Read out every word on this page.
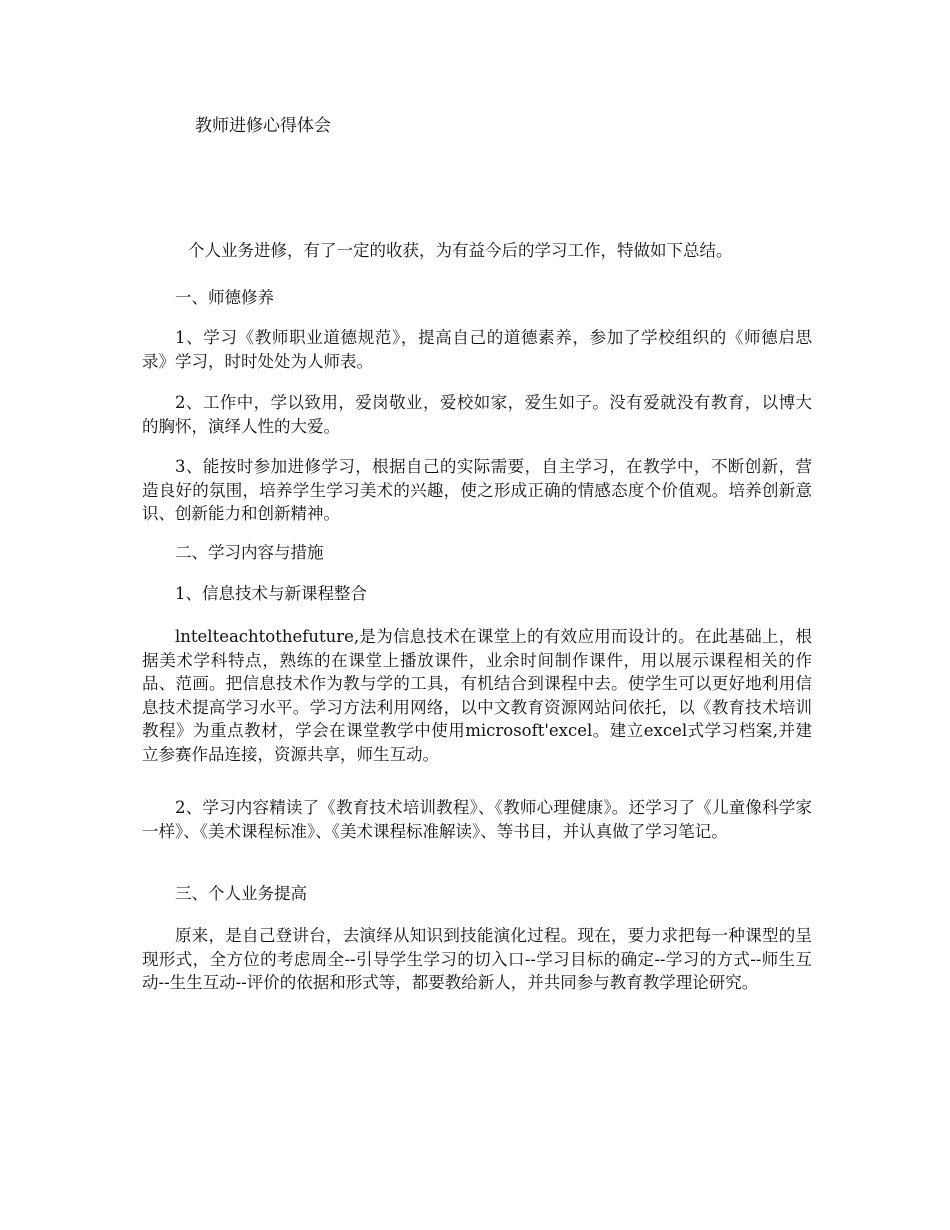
教师进修心得体会

个人业务进修，有了一定的收获，为有益今后的学习工作，特做如下总结。

一、师德修养

1、学习《教师职业道德规范》，提高自己的道德素养，参加了学校组织的《师德启思录》学习，时时处处为人师表。

2、工作中，学以致用，爱岗敬业，爱校如家，爱生如子。没有爱就没有教育，以博大的胸怀，演绎人性的大爱。

3、能按时参加进修学习，根据自己的实际需要，自主学习，在教学中，不断创新，营造良好的氛围，培养学生学习美术的兴趣，使之形成正确的情感态度个价值观。培养创新意识、创新能力和创新精神。

二、学习内容与措施

1、信息技术与新课程整合

lntelteachtothefuture,是为信息技术在课堂上的有效应用而设计的。在此基础上，根据美术学科特点，熟练的在课堂上播放课件，业余时间制作课件，用以展示课程相关的作品、范画。把信息技术作为教与学的工具，有机结合到课程中去。使学生可以更好地利用信息技术提高学习水平。学习方法利用网络，以中文教育资源网站问依托，以《教育技术培训教程》为重点教材，学会在课堂教学中使用microsoft'excel。建立excel式学习档案,并建立参赛作品连接，资源共享，师生互动。

2、学习内容精读了《教育技术培训教程》、《教师心理健康》。还学习了《儿童像科学家一样》、《美术课程标准》、《美术课程标准解读》、等书目，并认真做了学习笔记。

三、个人业务提高

原来，是自己登讲台，去演绎从知识到技能演化过程。现在，要力求把每一种课型的呈现形式，全方位的考虑周全--引导学生学习的切入口--学习目标的确定--学习的方式--师生互动--生生互动--评价的依据和形式等，都要教给新人，并共同参与教育教学理论研究。
